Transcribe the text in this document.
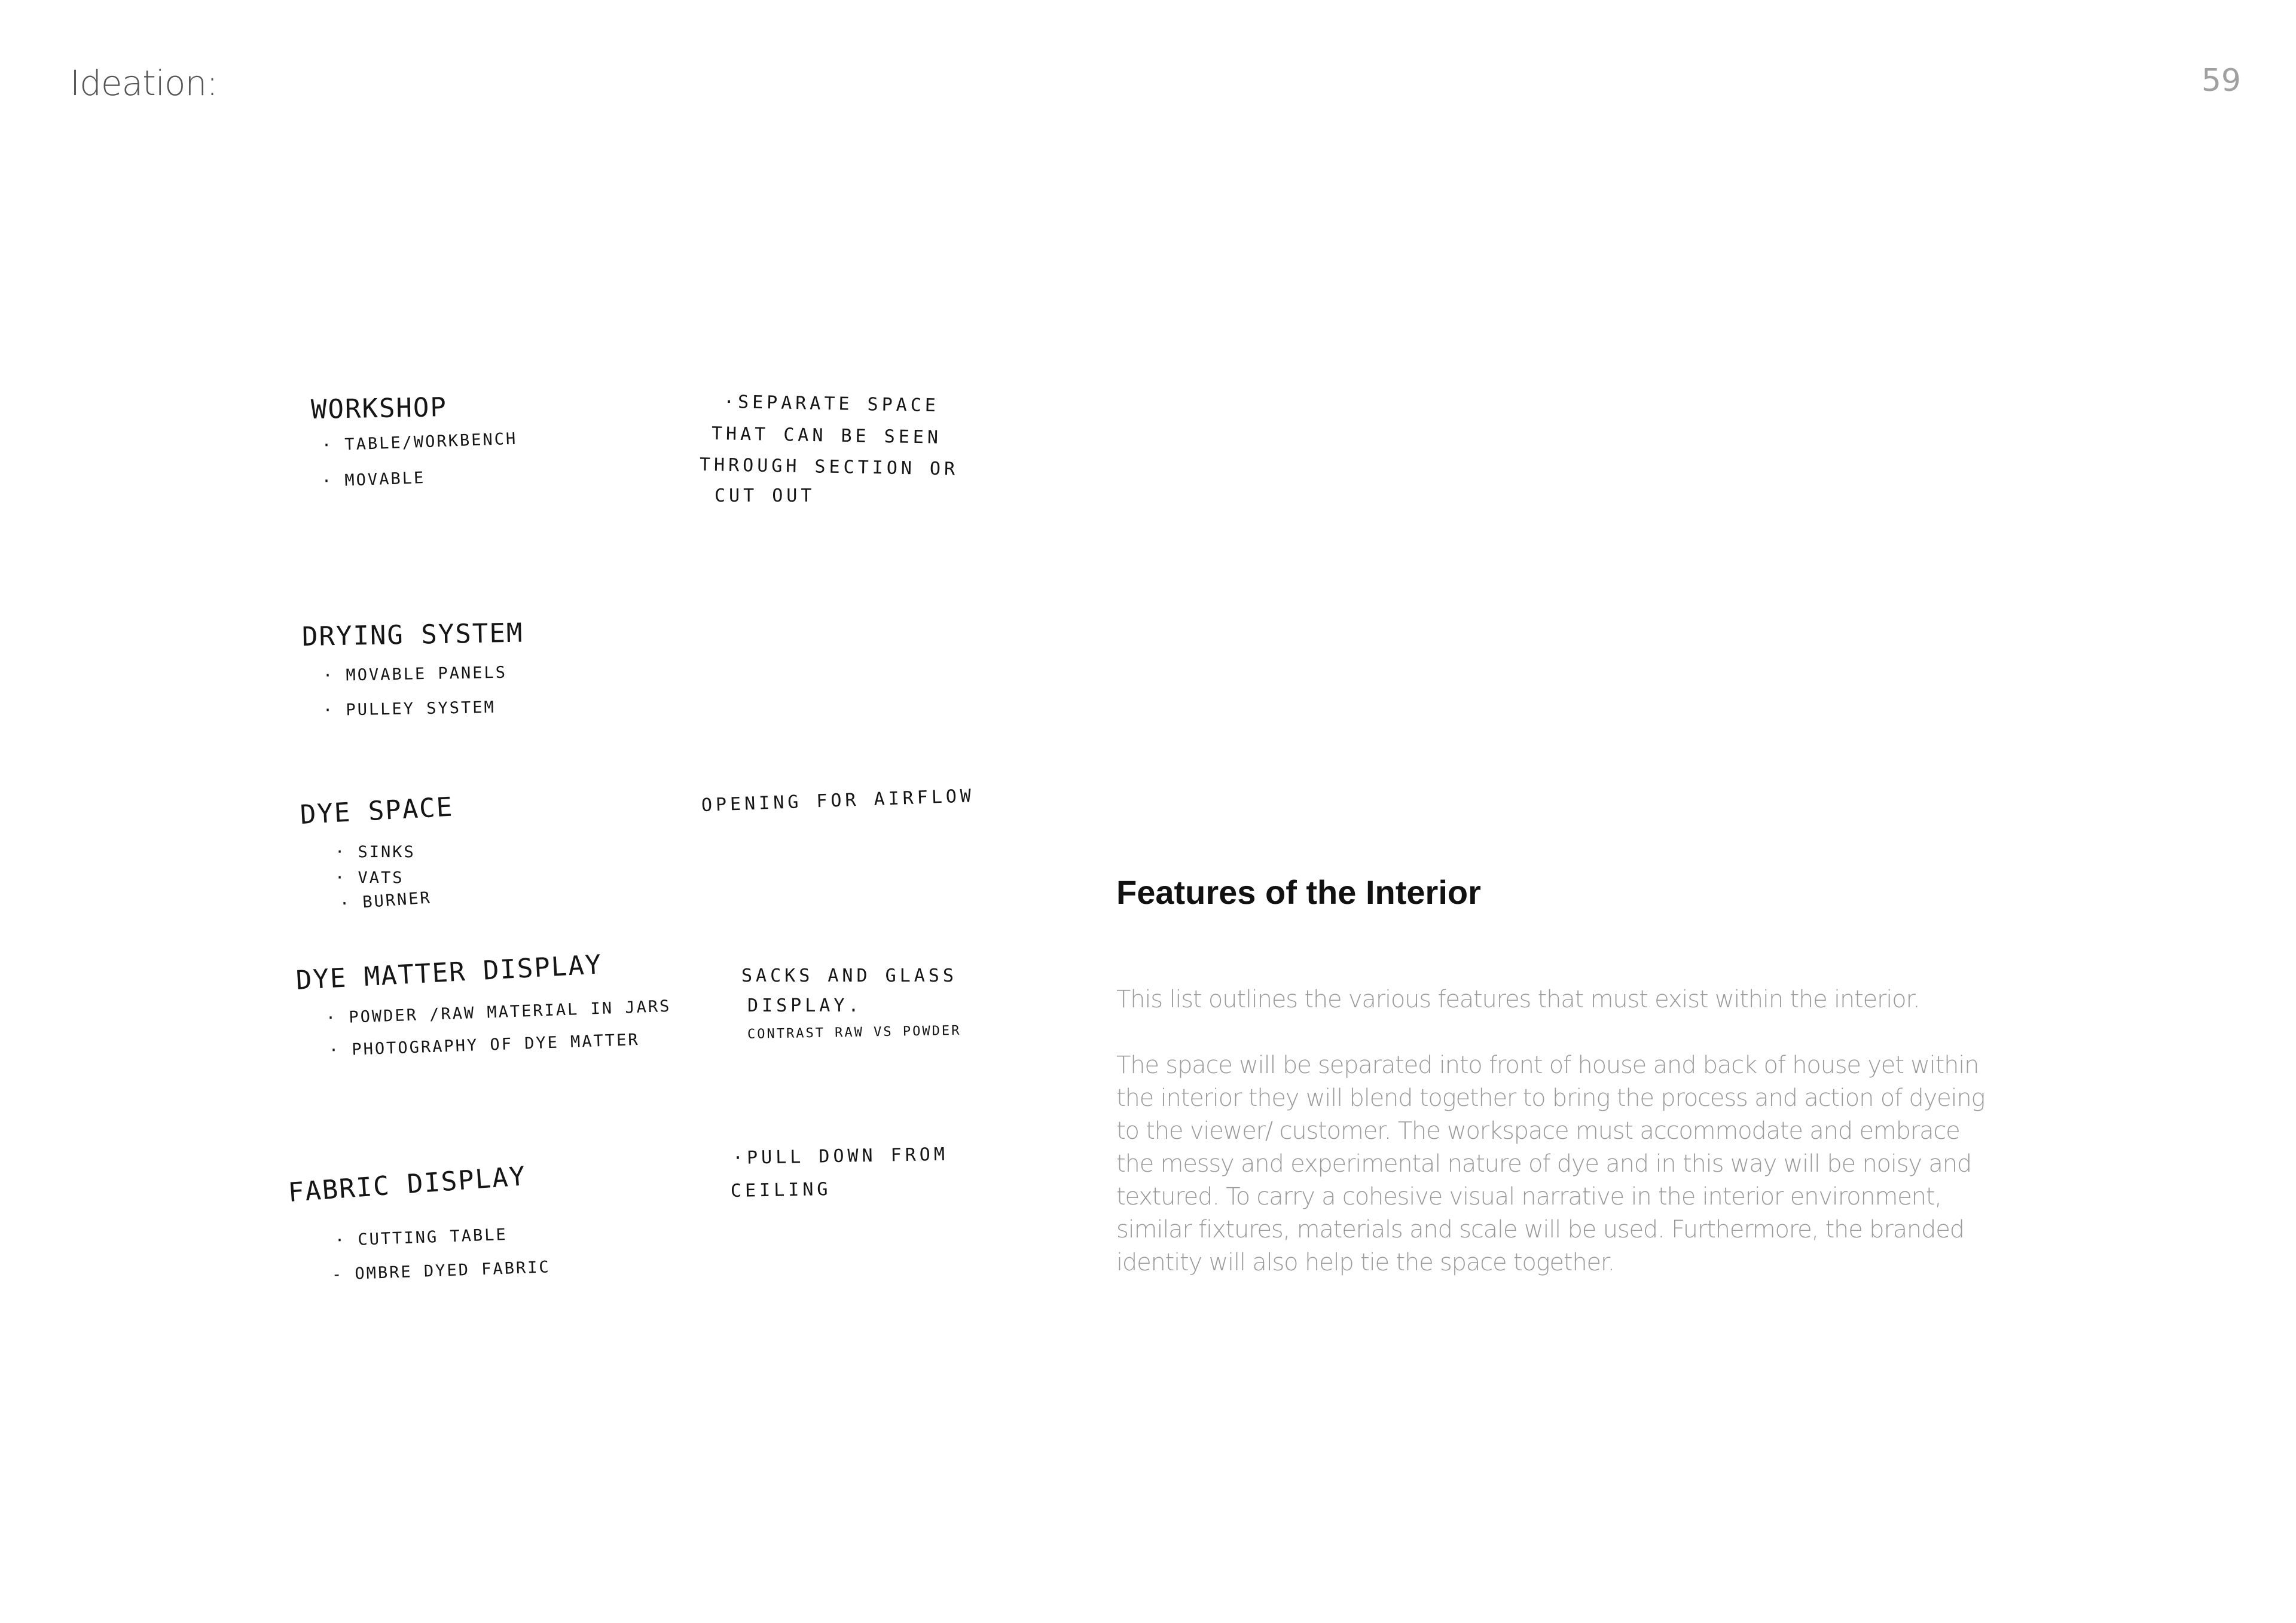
Ideation:	59
WORKSHOP
· TABLE/WORKBENCH
· MOVABLE
·SEPARATE SPACE
THAT CAN BE SEEN
THROUGH SECTION OR
CUT OUT
DRYING SYSTEM
· MOVABLE PANELS
· PULLEY SYSTEM
OPENING FOR AIRFLOW
DYE SPACE
· SINKS
· VATS
· BURNER
DYE MATTER DISPLAY
· POWDER /RAW MATERIAL IN JARS
· PHOTOGRAPHY OF DYE MATTER
SACKS AND GLASS
DISPLAY.
CONTRAST RAW VS POWDER
·PULL DOWN FROM
CEILING
FABRIC DISPLAY
· CUTTING TABLE
- OMBRE DYED FABRIC
Features of the Interior
This list outlines the various features that must exist within the interior.
The space will be separated into front of house and back of house yet within the interior they will blend together to bring the process and action of dyeing to the viewer/ customer. The workspace must accommodate and embrace the messy and experimental nature of dye and in this way will be noisy and textured. To carry a cohesive visual narrative in the interior environment, similar fixtures, materials and scale will be used. Furthermore, the branded identity will also help tie the space together.
